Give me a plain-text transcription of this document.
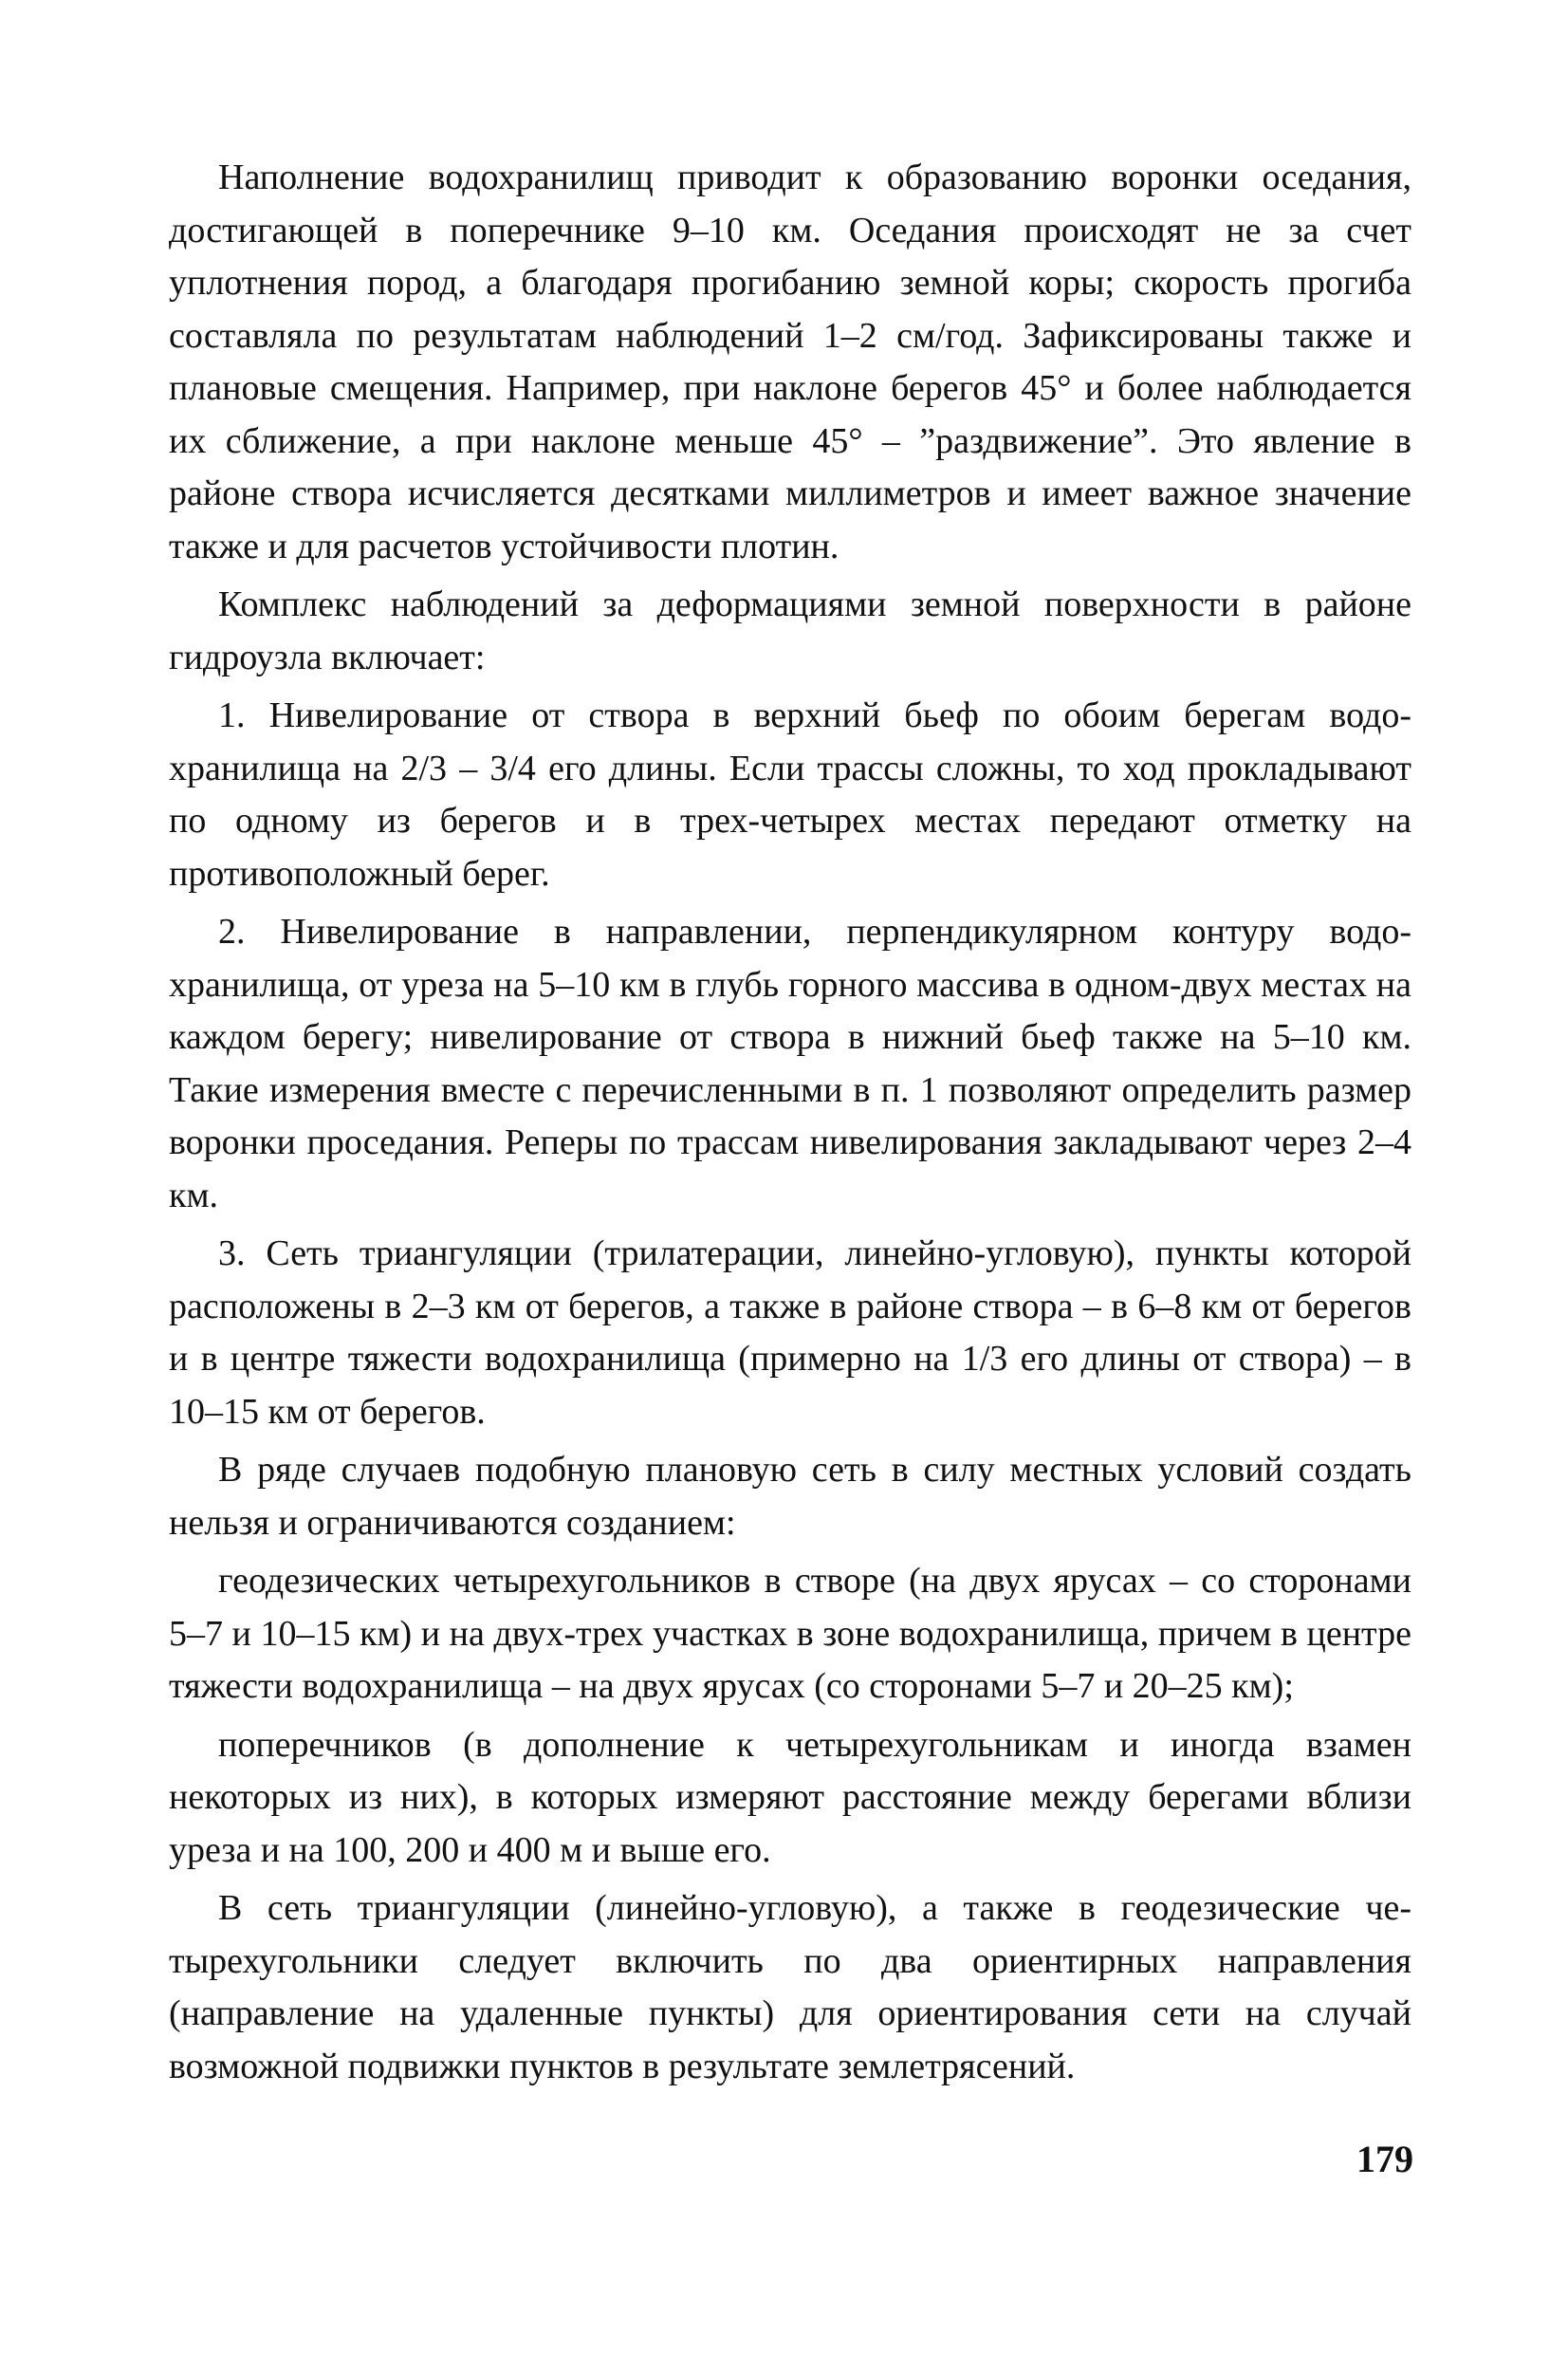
Наполнение водохранилищ приводит к образованию воронки оседания, достигающей в поперечнике 9–10 км. Оседания происходят не за счет уплотнения пород, а благодаря прогибанию земной коры; скорость прогиба составляла по результатам наблюдений 1–2 см/год. Зафиксированы также и плановые смещения. Например, при наклоне берегов 45° и более наблюдается их сближение, а при наклоне меньше 45° – ”раздвижение”. Это явление в районе створа исчисляется десятками миллиметров и имеет важное значение также и для расчетов устойчивости плотин.

Комплекс наблюдений за деформациями земной поверхности в районе гидроузла включает:

1. Нивелирование от створа в верхний бьеф по обоим берегам водохранилища на 2/3 – 3/4 его длины. Если трассы сложны, то ход прокладывают по одному из берегов и в трех-четырех местах передают отметку на противоположный берег.

2. Нивелирование в направлении, перпендикулярном контуру водохранилища, от уреза на 5–10 км в глубь горного массива в одном-двух местах на каждом берегу; нивелирование от створа в нижний бьеф также на 5–10 км. Такие измерения вместе с перечисленными в п. 1 позволяют определить размер воронки проседания. Реперы по трассам нивелирования закладывают через 2–4 км.

3. Сеть триангуляции (трилатерации, линейно-угловую), пункты которой расположены в 2–3 км от берегов, а также в районе створа – в 6–8 км от берегов и в центре тяжести водохранилища (примерно на 1/3 его длины от створа) – в 10–15 км от берегов.

В ряде случаев подобную плановую сеть в силу местных условий создать нельзя и ограничиваются созданием:

геодезических четырехугольников в створе (на двух ярусах – со сторонами 5–7 и 10–15 км) и на двух-трех участках в зоне водохранилища, причем в центре тяжести водохранилища – на двух ярусах (со сторонами 5–7 и 20–25 км);

поперечников (в дополнение к четырехугольникам и иногда взамен некоторых из них), в которых измеряют расстояние между берегами вблизи уреза и на 100, 200 и 400 м и выше его.

В сеть триангуляции (линейно-угловую), а также в геодезические четырехугольники следует включить по два ориентирных направления (направление на удаленные пункты) для ориентирования сети на случай возможной подвижки пунктов в результате землетрясений.

179
